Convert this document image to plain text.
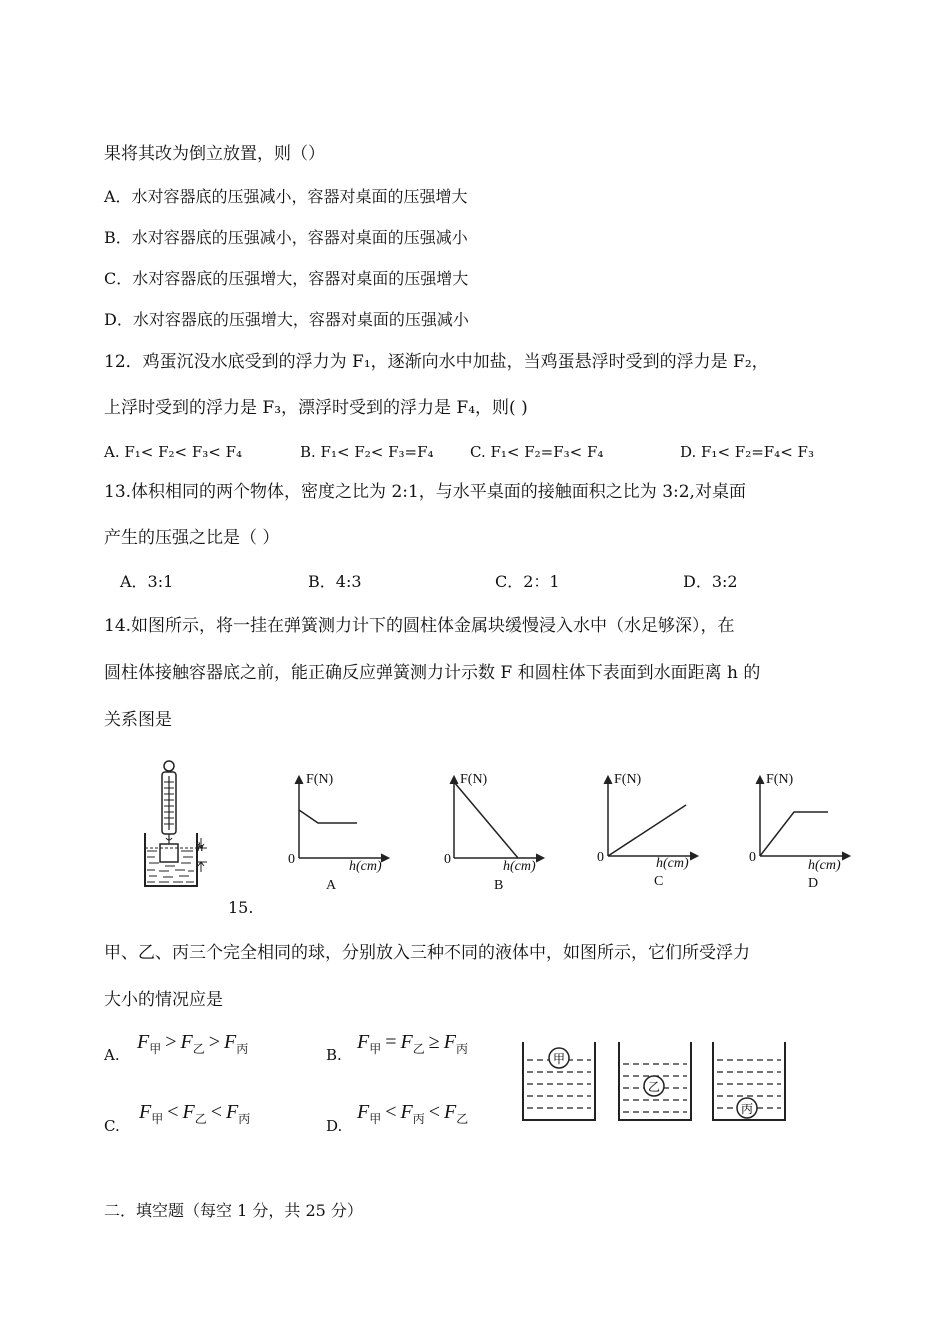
果将其改为倒立放置，则（）
A．水对容器底的压强减小，容器对桌面的压强增大
B．水对容器底的压强减小，容器对桌面的压强减小
C．水对容器底的压强增大，容器对桌面的压强增大
D．水对容器底的压强增大，容器对桌面的压强减小
12．鸡蛋沉没水底受到的浮力为 F₁，逐渐向水中加盐，当鸡蛋悬浮时受到的浮力是 F₂，
上浮时受到的浮力是 F₃，漂浮时受到的浮力是 F₄，则( )
A. F₁< F₂< F₃< F₄	B. F₁< F₂< F₃=F₄ C. F₁< F₂=F₃< F₄	D. F₁< F₂=F₄< F₃
13.体积相同的两个物体，密度之比为 2:1，与水平桌面的接触面积之比为 3:2,对桌面
产生的压强之比是（ ）
A．3:1	B．4:3	C．2：1	D．3:2
14.如图所示，将一挂在弹簧测力计下的圆柱体金属块缓慢浸入水中（水足够深），在
圆柱体接触容器底之前，能正确反应弹簧测力计示数 F 和圆柱体下表面到水面距离 h 的
关系图是
h
F(N)
0	h(cm)
A
F(N)
0	h(cm)
B
F(N)
0	h(cm)
C
F(N)
0
h(cm)
D
15.
甲、乙、丙三个完全相同的球，分别放入三种不同的液体中，如图所示，它们所受浮力
大小的情况应是
A.
$F_甲 > F_乙 > F_丙$	B.
$F_甲 = F_乙 \ge F_丙$
C.
$F_甲 < F_乙 < F_丙$	D.
$F_甲 < F_丙 < F_乙$
甲
乙
丙
二．填空题（每空 1 分，共 25 分）
